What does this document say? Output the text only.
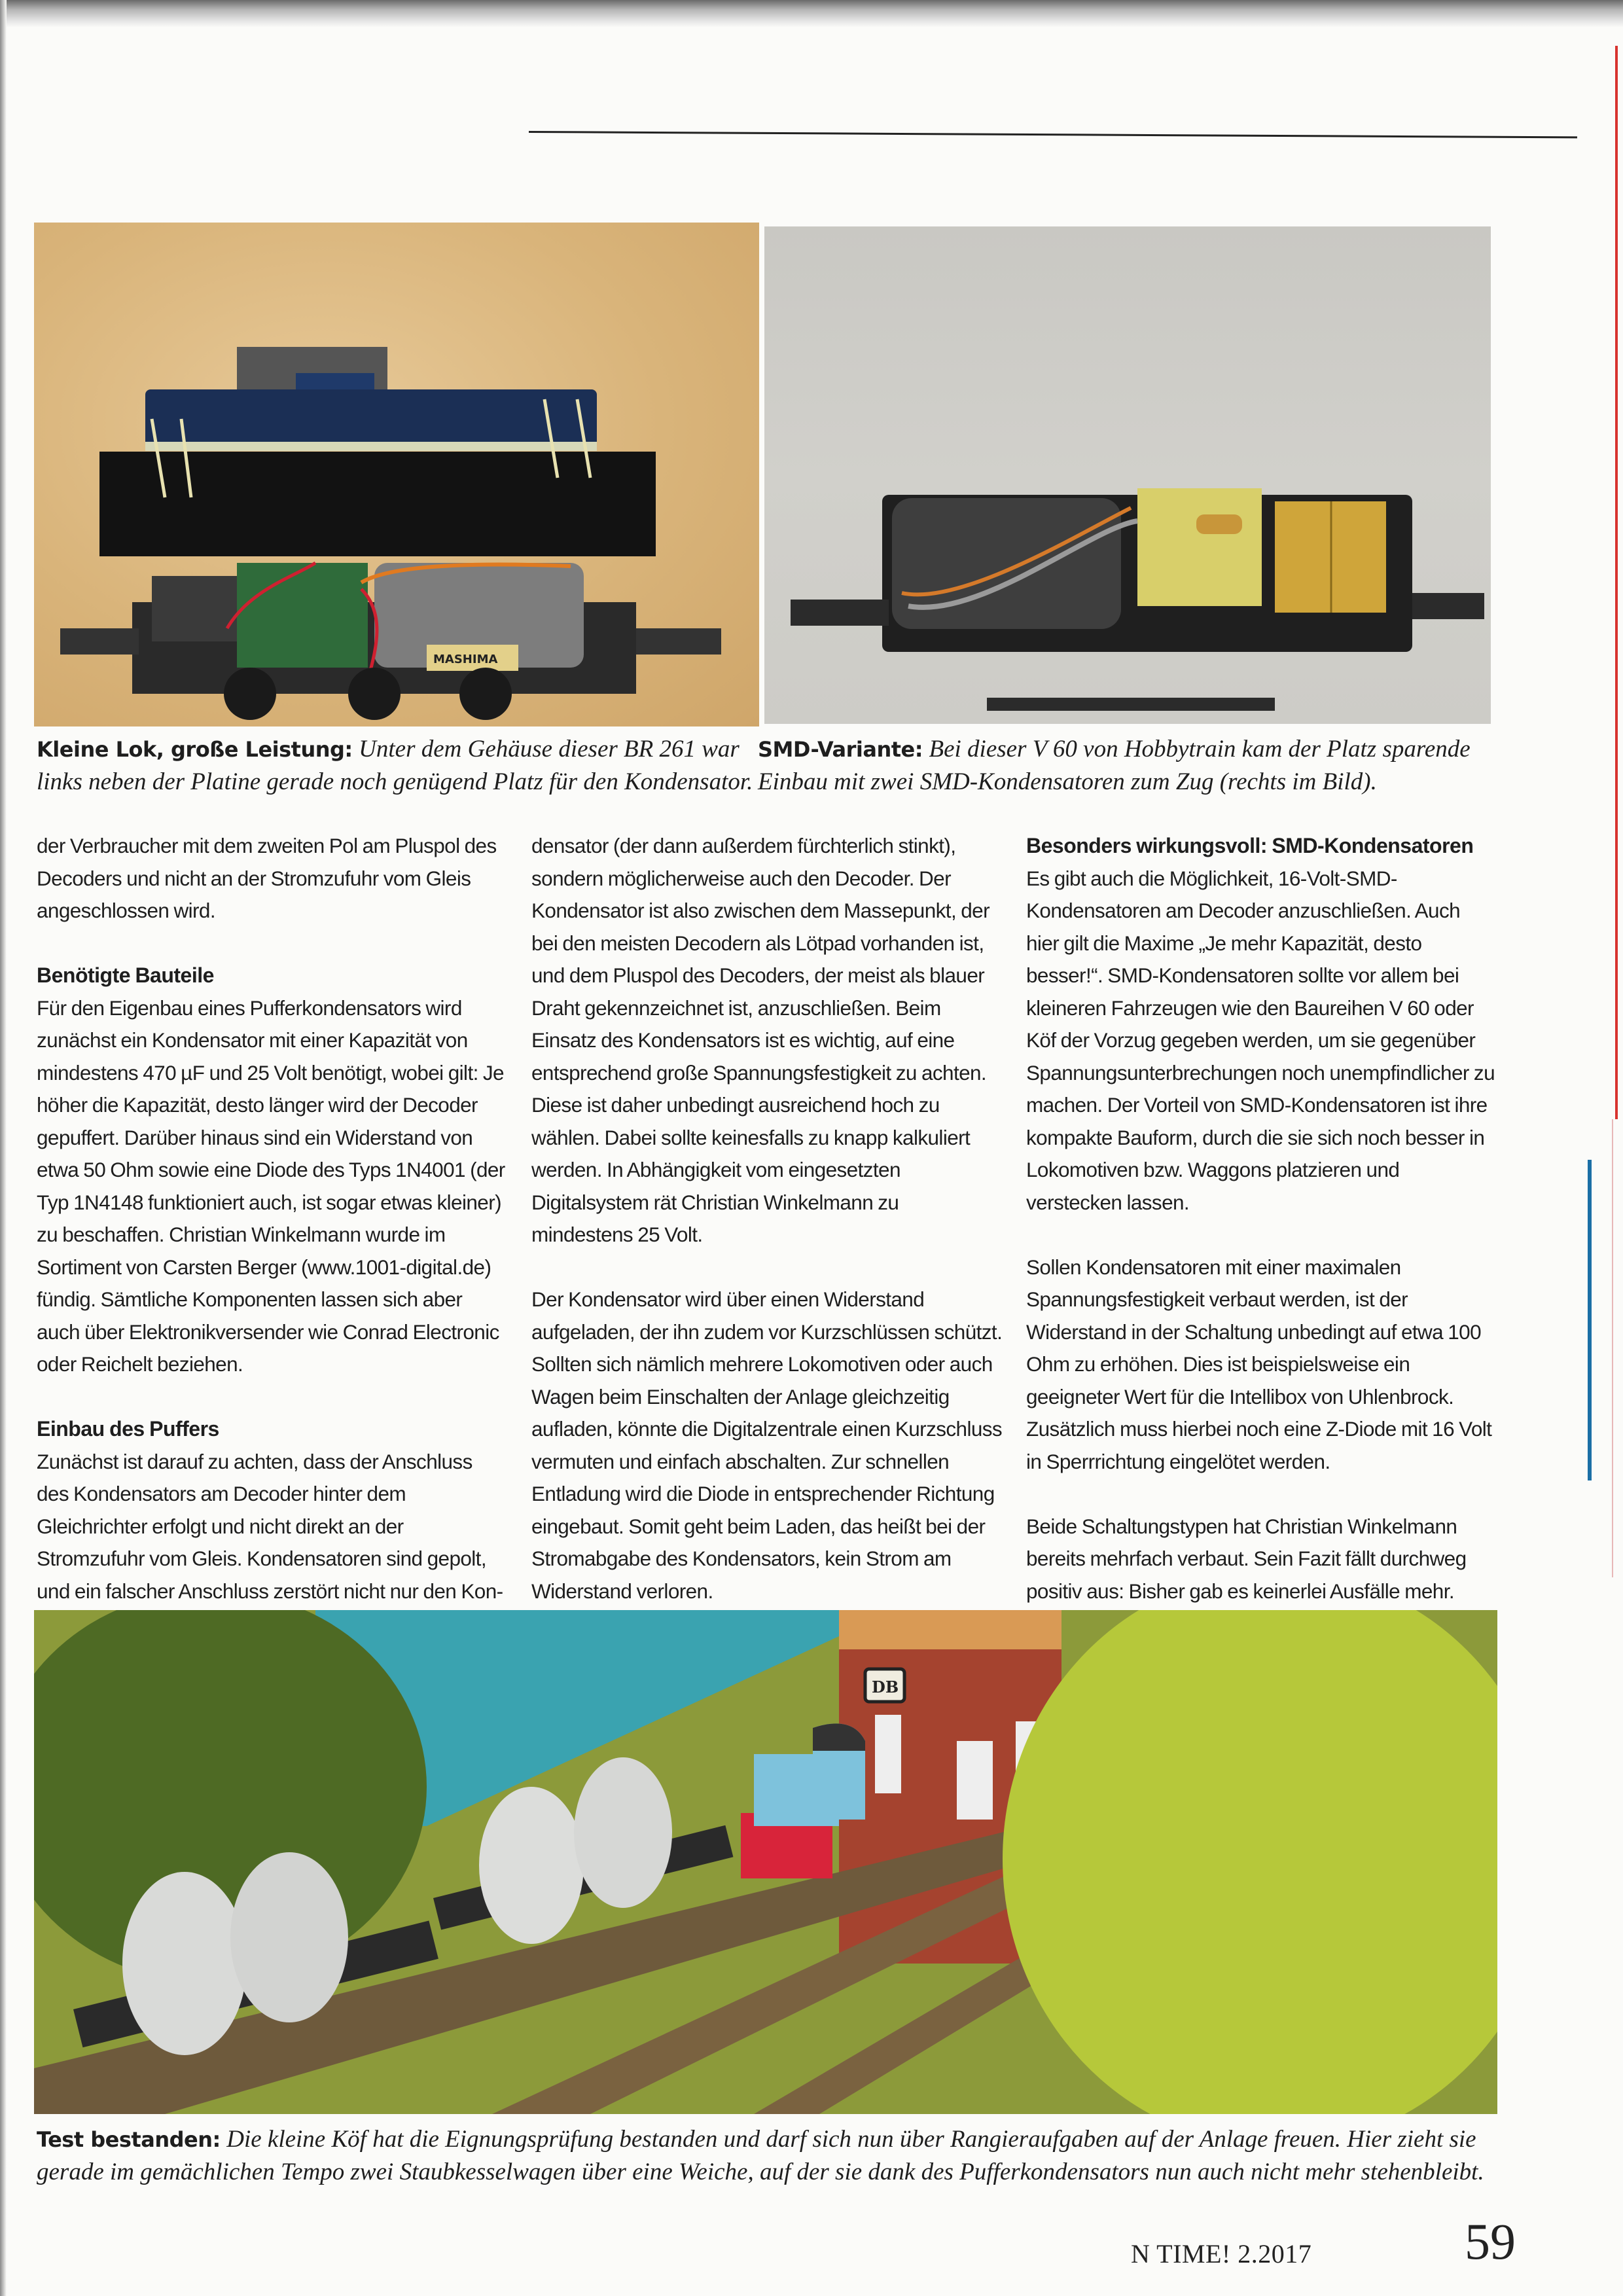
MASHIMA
Kleine Lok, große Leistung: Unter dem Gehäuse dieser BR 261 war links neben der Platine gerade noch genügend Platz für den Kondensator.
SMD-Variante: Bei dieser V 60 von Hobbytrain kam der Platz sparende Einbau mit zwei SMD-Kondensatoren zum Zug (rechts im Bild).

der Verbraucher mit dem zweiten Pol am Pluspol des Decoders und nicht an der Stromzufuhr vom Gleis angeschlossen wird.

Benötigte Bauteile

Für den Eigenbau eines Pufferkondensators wird zunächst ein Kondensator mit einer Kapazität von mindestens 470 µF und 25 Volt benötigt, wobei gilt: Je höher die Kapazität, desto länger wird der Decoder gepuffert. Darüber hinaus sind ein Widerstand von etwa 50 Ohm sowie eine Diode des Typs 1N4001 (der Typ 1N4148 funktioniert auch, ist sogar etwas kleiner) zu beschaffen. Christian Winkelmann wurde im Sortiment von Carsten Berger (www.1001-digital.de) fündig. Sämtliche Komponenten lassen sich aber auch über Elektronikversender wie Conrad Electronic oder Reichelt beziehen.

Einbau des Puffers

Zunächst ist darauf zu achten, dass der Anschluss des Kondensators am Decoder hinter dem Gleichrichter erfolgt und nicht direkt an der Stromzufuhr vom Gleis. Kondensatoren sind gepolt, und ein falscher Anschluss zerstört nicht nur den Kon-

densator (der dann außerdem fürchterlich stinkt), sondern möglicherweise auch den Decoder. Der Kondensator ist also zwischen dem Massepunkt, der bei den meisten Decodern als Lötpad vorhanden ist, und dem Pluspol des Decoders, der meist als blauer Draht gekennzeichnet ist, anzuschließen. Beim Einsatz des Kondensators ist es wichtig, auf eine entsprechend große Spannungsfestigkeit zu achten. Diese ist daher unbedingt ausreichend hoch zu wählen. Dabei sollte keinesfalls zu knapp kalkuliert werden. In Abhängigkeit vom eingesetzten Digitalsystem rät Christian Winkelmann zu mindestens 25 Volt.

Der Kondensator wird über einen Widerstand aufgeladen, der ihn zudem vor Kurzschlüssen schützt. Sollten sich nämlich mehrere Lokomotiven oder auch Wagen beim Einschalten der Anlage gleichzeitig aufladen, könnte die Digitalzentrale einen Kurzschluss vermuten und einfach abschalten. Zur schnellen Entladung wird die Diode in entsprechender Richtung eingebaut. Somit geht beim Laden, das heißt bei der Stromabgabe des Kondensators, kein Strom am Widerstand verloren.

Besonders wirkungsvoll: SMD-Kondensatoren

Es gibt auch die Möglichkeit, 16-Volt-SMD-Kondensatoren am Decoder anzuschließen. Auch hier gilt die Maxime „Je mehr Kapazität, desto besser!“. SMD-Kondensatoren sollte vor allem bei kleineren Fahrzeugen wie den Baureihen V 60 oder Köf der Vorzug gegeben werden, um sie gegenüber Spannungsunterbrechungen noch unempfindlicher zu machen. Der Vorteil von SMD-Kondensatoren ist ihre kompakte Bauform, durch die sie sich noch besser in Lokomotiven bzw. Waggons platzieren und verstecken lassen.

Sollen Kondensatoren mit einer maximalen Spannungsfestigkeit verbaut werden, ist der Widerstand in der Schaltung unbedingt auf etwa 100 Ohm zu erhöhen. Dies ist beispielsweise ein geeigneter Wert für die Intellibox von Uhlenbrock. Zusätzlich muss hierbei noch eine Z-Diode mit 16 Volt in Sperrrichtung eingelötet werden.

Beide Schaltungstypen hat Christian Winkelmann bereits mehrfach verbaut. Sein Fazit fällt durchweg positiv aus: Bisher gab es keinerlei Ausfälle mehr.

DB
Test bestanden: Die kleine Köf hat die Eignungsprüfung bestanden und darf sich nun über Rangieraufgaben auf der Anlage freuen. Hier zieht sie gerade im gemächlichen Tempo zwei Staubkesselwagen über eine Weiche, auf der sie dank des Pufferkondensators nun auch nicht mehr stehenbleibt.
N TIME! 2.2017	59
